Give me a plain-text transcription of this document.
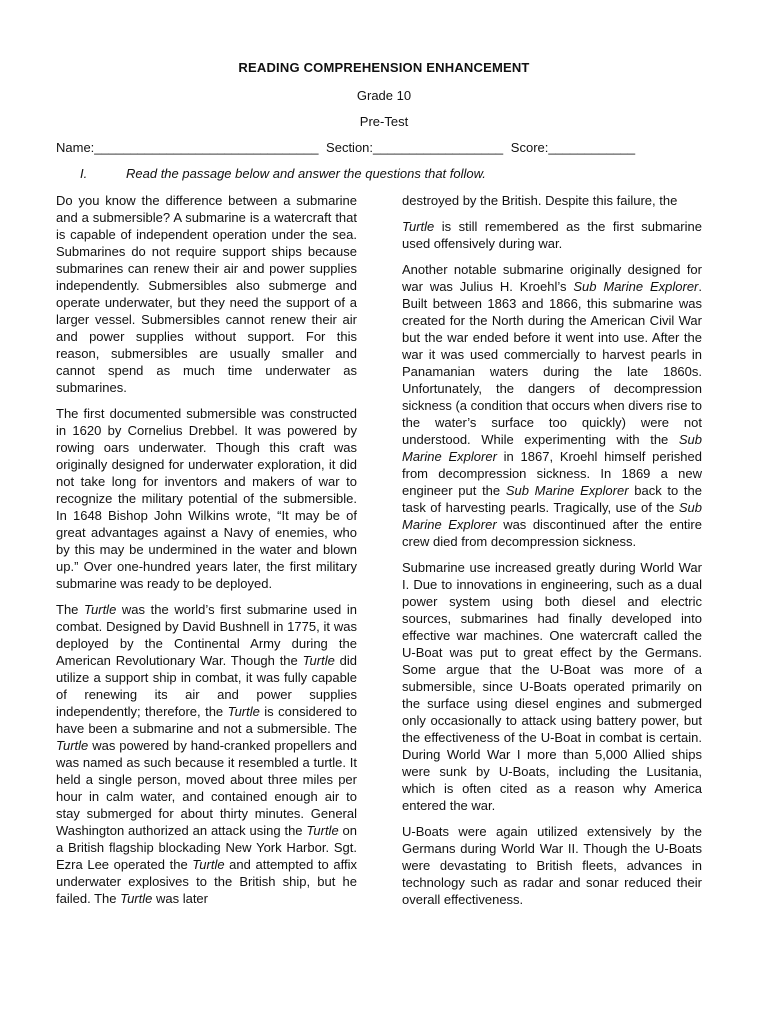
READING COMPREHENSION ENHANCEMENT
Grade 10
Pre-Test
Name:_______________________________ Section:__________________ Score:____________
I.	Read the passage below and answer the questions that follow.

Do you know the difference between a submarine and a submersible? A submarine is a watercraft that is capable of independent operation under the sea. Submarines do not require support ships because submarines can renew their air and power supplies independently. Submersibles also submerge and operate underwater, but they need the support of a larger vessel. Submersibles cannot renew their air and power supplies without support. For this reason, submersibles are usually smaller and cannot spend as much time underwater as submarines.

The first documented submersible was constructed in 1620 by Cornelius Drebbel. It was powered by rowing oars underwater. Though this craft was originally designed for underwater exploration, it did not take long for inventors and makers of war to recognize the military potential of the submersible. In 1648 Bishop John Wilkins wrote, “It may be of great advantages against a Navy of enemies, who by this may be undermined in the water and blown up.” Over one-hundred years later, the first military submarine was ready to be deployed.

The Turtle was the world’s first submarine used in combat. Designed by David Bushnell in 1775, it was deployed by the Continental Army during the American Revolutionary War. Though the Turtle did utilize a support ship in combat, it was fully capable of renewing its air and power supplies independently; therefore, the Turtle is considered to have been a submarine and not a submersible. The Turtle was powered by hand-cranked propellers and was named as such because it resembled a turtle. It held a single person, moved about three miles per hour in calm water, and contained enough air to stay submerged for about thirty minutes. General Washington authorized an attack using the Turtle on a British flagship blockading New York Harbor. Sgt. Ezra Lee operated the Turtle and attempted to affix underwater explosives to the British ship, but he failed. The Turtle was later

destroyed by the British. Despite this failure, the

Turtle is still remembered as the first submarine used offensively during war.

Another notable submarine originally designed for war was Julius H. Kroehl’s Sub Marine Explorer. Built between 1863 and 1866, this submarine was created for the North during the American Civil War but the war ended before it went into use. After the war it was used commercially to harvest pearls in Panamanian waters during the late 1860s. Unfortunately, the dangers of decompression sickness (a condition that occurs when divers rise to the water’s surface too quickly) were not understood. While experimenting with the Sub Marine Explorer in 1867, Kroehl himself perished from decompression sickness. In 1869 a new engineer put the Sub Marine Explorer back to the task of harvesting pearls. Tragically, use of the Sub Marine Explorer was discontinued after the entire crew died from decompression sickness.

Submarine use increased greatly during World War I. Due to innovations in engineering, such as a dual power system using both diesel and electric sources, submarines had finally developed into effective war machines. One watercraft called the U-Boat was put to great effect by the Germans. Some argue that the U-Boat was more of a submersible, since U-Boats operated primarily on the surface using diesel engines and submerged only occasionally to attack using battery power, but the effectiveness of the U-Boat in combat is certain. During World War I more than 5,000 Allied ships were sunk by U-Boats, including the Lusitania, which is often cited as a reason why America entered the war.

U-Boats were again utilized extensively by the Germans during World War II. Though the U-Boats were devastating to British fleets, advances in technology such as radar and sonar reduced their overall effectiveness.
